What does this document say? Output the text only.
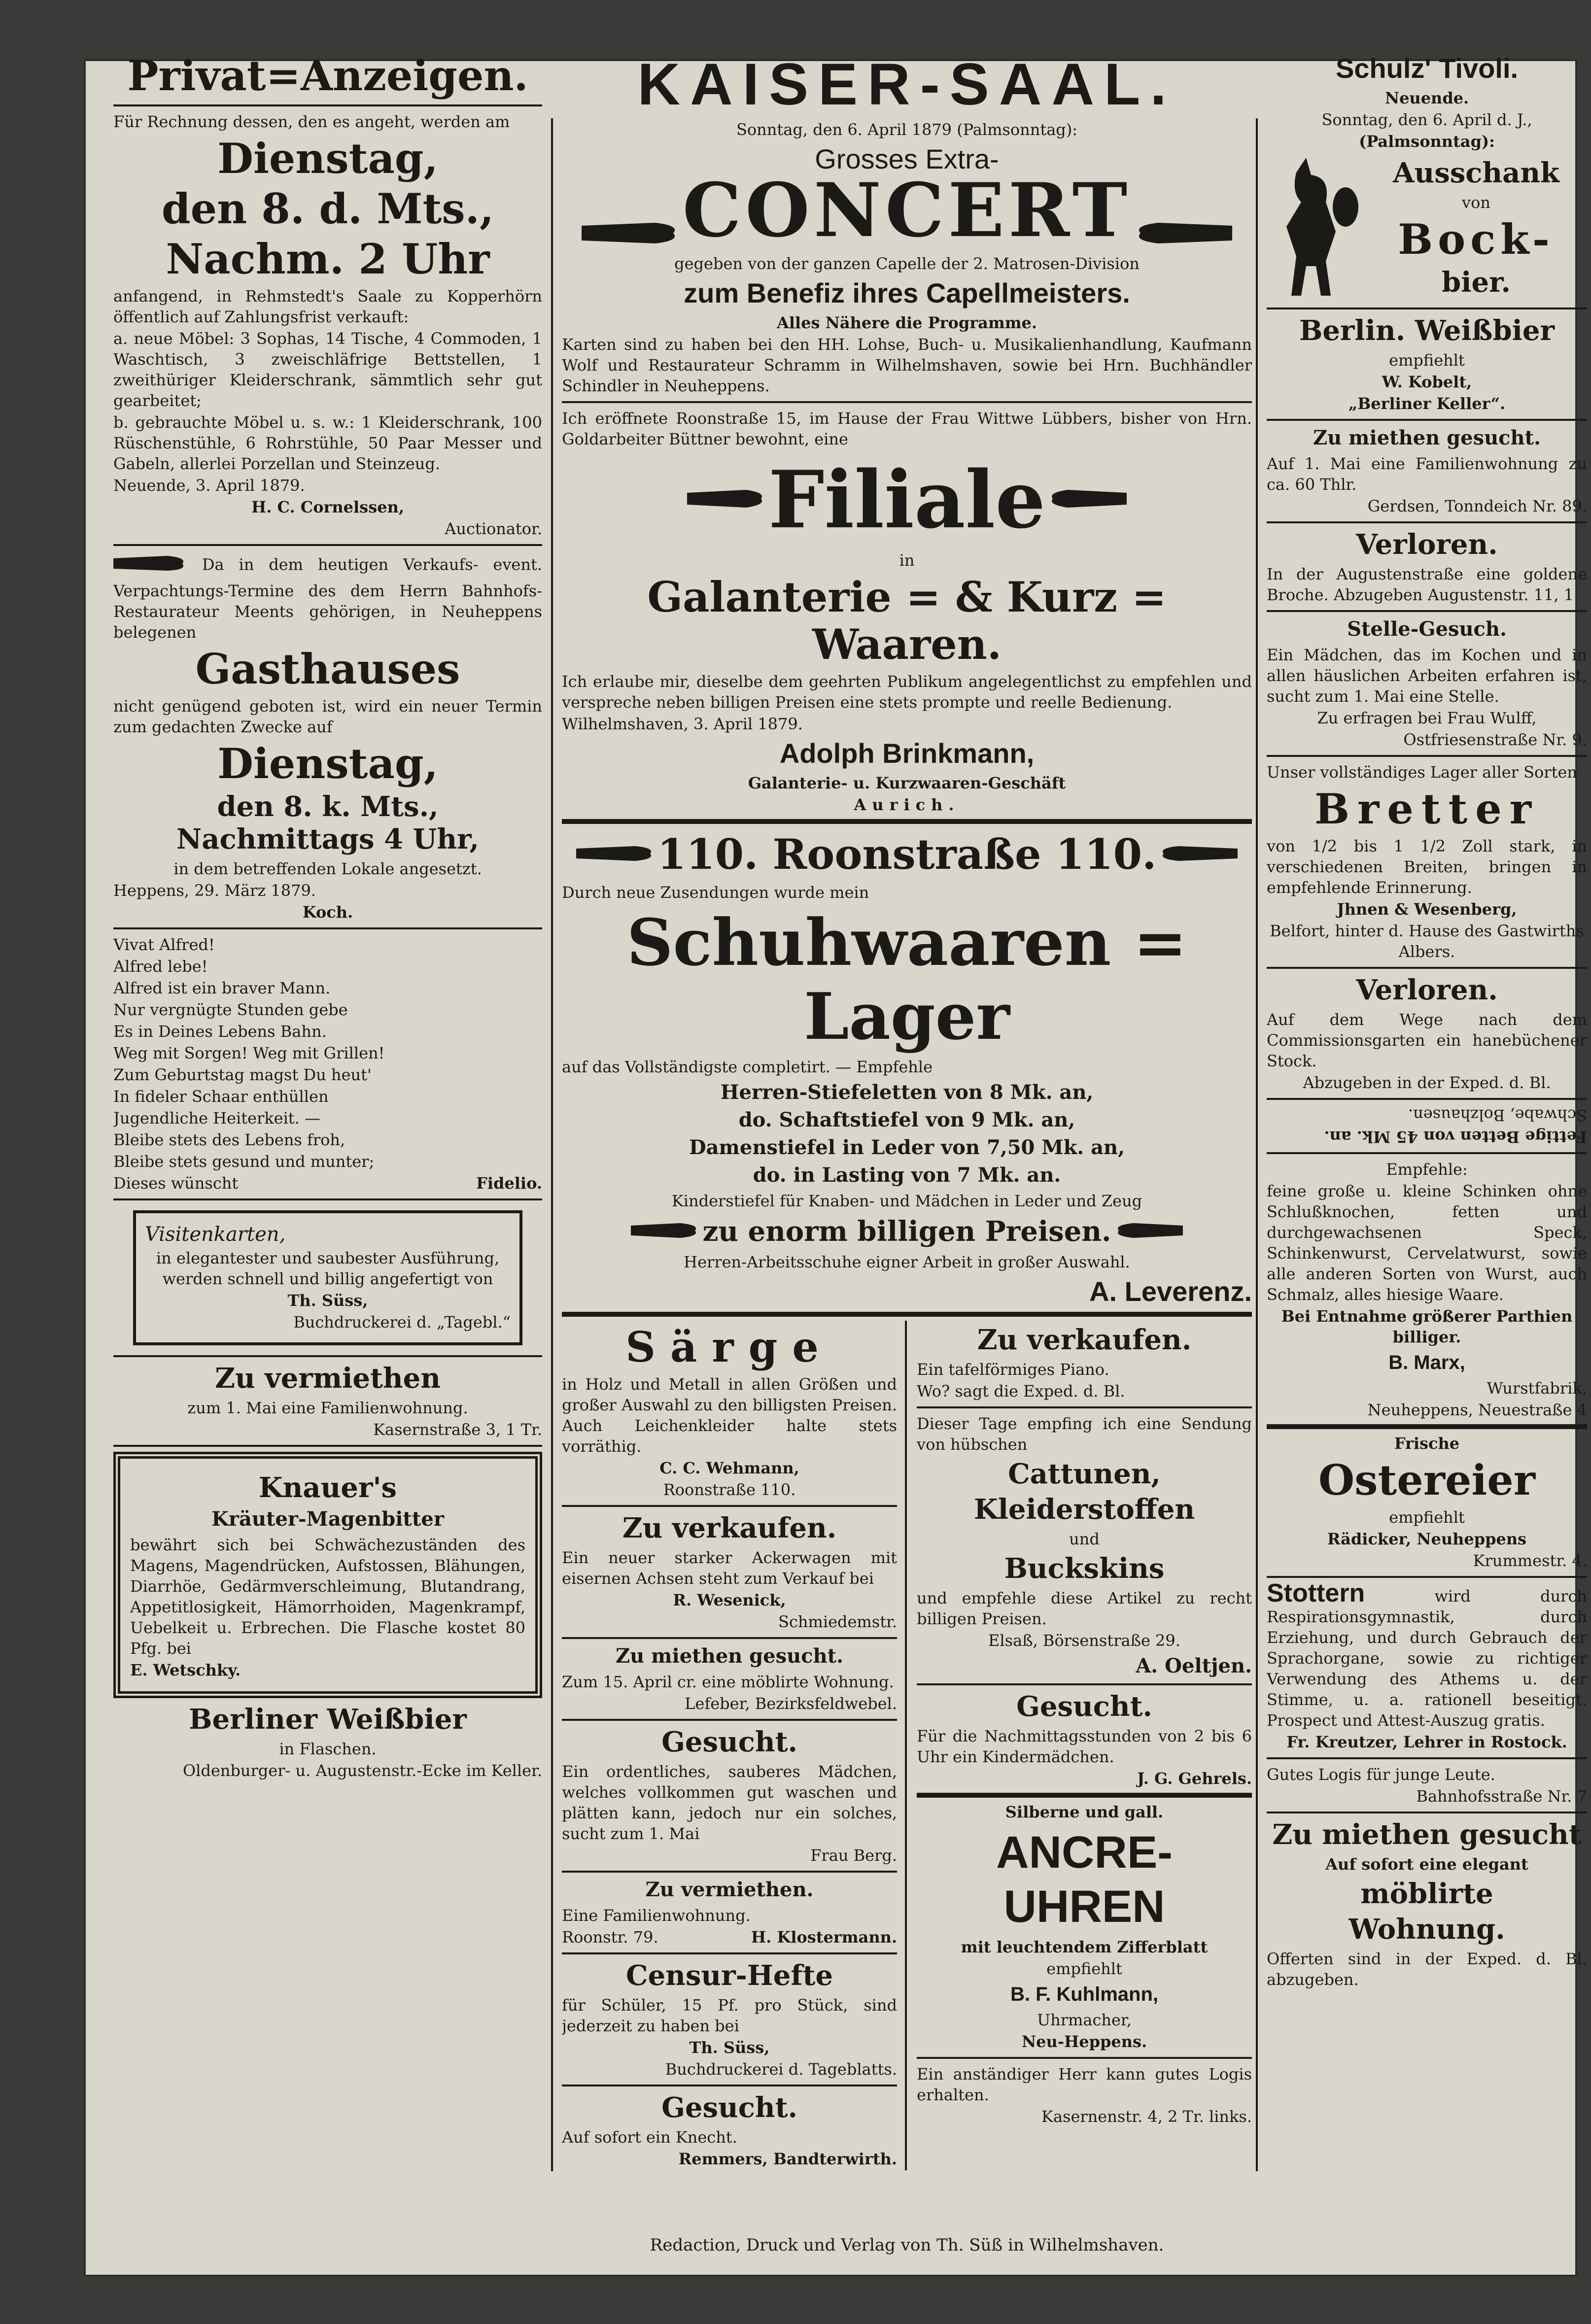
Privat=Anzeigen.
Für Rechnung dessen, den es angeht, werden am
Dienstag,
den 8. d. Mts.,
Nachm. 2 Uhr
anfangend, in Rehmstedt's Saale zu Kopperhörn öffentlich auf Zahlungsfrist verkauft:
a. neue Möbel: 3 Sophas, 14 Tische, 4 Commoden, 1 Waschtisch, 3 zweischläfrige Bettstellen, 1 zweithüriger Kleiderschrank, sämmtlich sehr gut gearbeitet;
b. gebrauchte Möbel u. s. w.: 1 Kleiderschrank, 100 Rüschenstühle, 6 Rohrstühle, 50 Paar Messer und Gabeln, allerlei Porzellan und Steinzeug.
Neuende, 3. April 1879.
H. C. Cornelssen,
Auctionator.
Da in dem heutigen Verkaufs- event. Verpachtungs-Termine des dem Herrn Bahnhofs-Restaurateur Meents gehörigen, in Neuheppens belegenen
Gasthauses
nicht genügend geboten ist, wird ein neuer Termin zum gedachten Zwecke auf
Dienstag,
den 8. k. Mts., Nachmittags 4 Uhr,
in dem betreffenden Lokale angesetzt.
Heppens, 29. März 1879.
Koch.
Vivat Alfred!
Alfred lebe!
Alfred ist ein braver Mann.
Nur vergnügte Stunden gebe
Es in Deines Lebens Bahn.
Weg mit Sorgen! Weg mit Grillen!
Zum Geburtstag magst Du heut'
In fideler Schaar enthüllen
Jugendliche Heiterkeit. —
Bleibe stets des Lebens froh,
Bleibe stets gesund und munter;
Dieses wünscht	Fidelio.
Visitenkarten,
in elegantester und saubester Ausführung, werden schnell und billig angefertigt von
Th. Süss,
Buchdruckerei d. „Tagebl.“
Zu vermiethen
zum 1. Mai eine Familienwohnung.
Kasernstraße 3, 1 Tr.
Knauer's
Kräuter-Magenbitter
bewährt sich bei Schwächezuständen des Magens, Magendrücken, Aufstossen, Blähungen, Diarrhöe, Gedärmverschleimung, Blutandrang, Appetitlosigkeit, Hämorrhoiden, Magenkrampf, Uebelkeit u. Erbrechen. Die Flasche kostet 80 Pfg. bei
E. Wetschky.
Berliner Weißbier
in Flaschen.
Oldenburger- u. Augustenstr.-Ecke im Keller.
KAISER-SAAL.
Sonntag, den 6. April 1879 (Palmsonntag):
Grosses Extra-
CONCERT
gegeben von der ganzen Capelle der 2. Matrosen-Division
zum Benefiz ihres Capellmeisters.
Alles Nähere die Programme.
Karten sind zu haben bei den HH. Lohse, Buch- u. Musikalienhandlung, Kaufmann Wolf und Restaurateur Schramm in Wilhelmshaven, sowie bei Hrn. Buchhändler Schindler in Neuheppens.
Ich eröffnete Roonstraße 15, im Hause der Frau Wittwe Lübbers, bisher von Hrn. Goldarbeiter Büttner bewohnt, eine
Filiale
in
Galanterie = & Kurz = Waaren.
Ich erlaube mir, dieselbe dem geehrten Publikum angelegentlichst zu empfehlen und verspreche neben billigen Preisen eine stets prompte und reelle Bedienung.
Wilhelmshaven, 3. April 1879.
Adolph Brinkmann,
Galanterie- u. Kurzwaaren-Geschäft
Aurich.
110. Roonstraße 110.
Durch neue Zusendungen wurde mein
Schuhwaaren = Lager
auf das Vollständigste completirt. — Empfehle
Herren-Stiefeletten von 8 Mk. an,
do. Schaftstiefel von 9 Mk. an,
Damenstiefel in Leder von 7,50 Mk. an,
do. in Lasting von 7 Mk. an.
Kinderstiefel für Knaben- und Mädchen in Leder und Zeug
zu enorm billigen Preisen.
Herren-Arbeitsschuhe eigner Arbeit in großer Auswahl.
A. Leverenz.
Särge
in Holz und Metall in allen Größen und großer Auswahl zu den billigsten Preisen. Auch Leichenkleider halte stets vorräthig.
C. C. Wehmann,
Roonstraße 110.
Zu verkaufen.
Ein neuer starker Ackerwagen mit eisernen Achsen steht zum Verkauf bei
R. Wesenick,
Schmiedemstr.
Zu miethen gesucht.
Zum 15. April cr. eine möblirte Wohnung.
Lefeber, Bezirksfeldwebel.
Gesucht.
Ein ordentliches, sauberes Mädchen, welches vollkommen gut waschen und plätten kann, jedoch nur ein solches, sucht zum 1. Mai
Frau Berg.
Zu vermiethen.
Eine Familienwohnung.
Roonstr. 79.	H. Klostermann.
Censur-Hefte
für Schüler, 15 Pf. pro Stück, sind jederzeit zu haben bei
Th. Süss,
Buchdruckerei d. Tageblatts.
Gesucht.
Auf sofort ein Knecht.
Remmers, Bandterwirth.
Zu verkaufen.
Ein tafelförmiges Piano.
Wo? sagt die Exped. d. Bl.
Dieser Tage empfing ich eine Sendung von hübschen
Cattunen,
Kleiderstoffen
und
Buckskins
und empfehle diese Artikel zu recht billigen Preisen.
Elsaß, Börsenstraße 29.
A. Oeltjen.
Gesucht.
Für die Nachmittagsstunden von 2 bis 6 Uhr ein Kindermädchen.
J. G. Gehrels.
Silberne und gall.
ANCRE-UHREN
mit leuchtendem Zifferblatt
empfiehlt
B. F. Kuhlmann,
Uhrmacher,
Neu-Heppens.
Ein anständiger Herr kann gutes Logis erhalten.
Kasernenstr. 4, 2 Tr. links.
Schulz' Tivoli.
Neuende.
Sonntag, den 6. April d. J.,
(Palmsonntag):
Ausschank
von
Bock-
bier.
Berlin. Weißbier
empfiehlt
W. Kobelt,
„Berliner Keller“.
Zu miethen gesucht.
Auf 1. Mai eine Familienwohnung zu ca. 60 Thlr.
Gerdsen, Tonndeich Nr. 89.
Verloren.
In der Augustenstraße eine goldene Broche. Abzugeben Augustenstr. 11, 1
Stelle-Gesuch.
Ein Mädchen, das im Kochen und in allen häuslichen Arbeiten erfahren ist, sucht zum 1. Mai eine Stelle.
Zu erfragen bei Frau Wulff,
Ostfriesenstraße Nr. 9.
Unser vollständiges Lager aller Sorten
Bretter
von 1/2 bis 1 1/2 Zoll stark, in verschiedenen Breiten, bringen in empfehlende Erinnerung.
Jhnen & Wesenberg,
Belfort, hinter d. Hause des Gastwirths Albers.
Verloren.
Auf dem Wege nach dem Commissionsgarten ein hanebüchener Stock.
Abzugeben in der Exped. d. Bl.
Fettige Betten von 45 Mk. an.
Schwabe, Bolzhausen.
Empfehle:
feine große u. kleine Schinken ohne Schlußknochen, fetten und durchgewachsenen Speck, Schinkenwurst, Cervelatwurst, sowie alle anderen Sorten von Wurst, auch Schmalz, alles hiesige Waare.
Bei Entnahme größerer Parthien billiger.
B. Marx,
Wurstfabrik,
Neuheppens, Neuestraße 4
Frische
Ostereier
empfiehlt
Rädicker, Neuheppens
Krummestr. 4.
Stottern	wird durch Respirationsgymnastik, durch Erziehung, und durch Gebrauch der Sprachorgane, sowie zu richtiger Verwendung des Athems u. der Stimme, u. a. rationell beseitigt. Prospect und Attest-Auszug gratis.
Fr. Kreutzer, Lehrer in Rostock.
Gutes Logis für junge Leute.
Bahnhofsstraße Nr. 7
Zu miethen gesucht
Auf sofort eine elegant
möblirte
Wohnung.
Offerten sind in der Exped. d. Bl. abzugeben.
Redaction, Druck und Verlag von Th. Süß in Wilhelmshaven.
